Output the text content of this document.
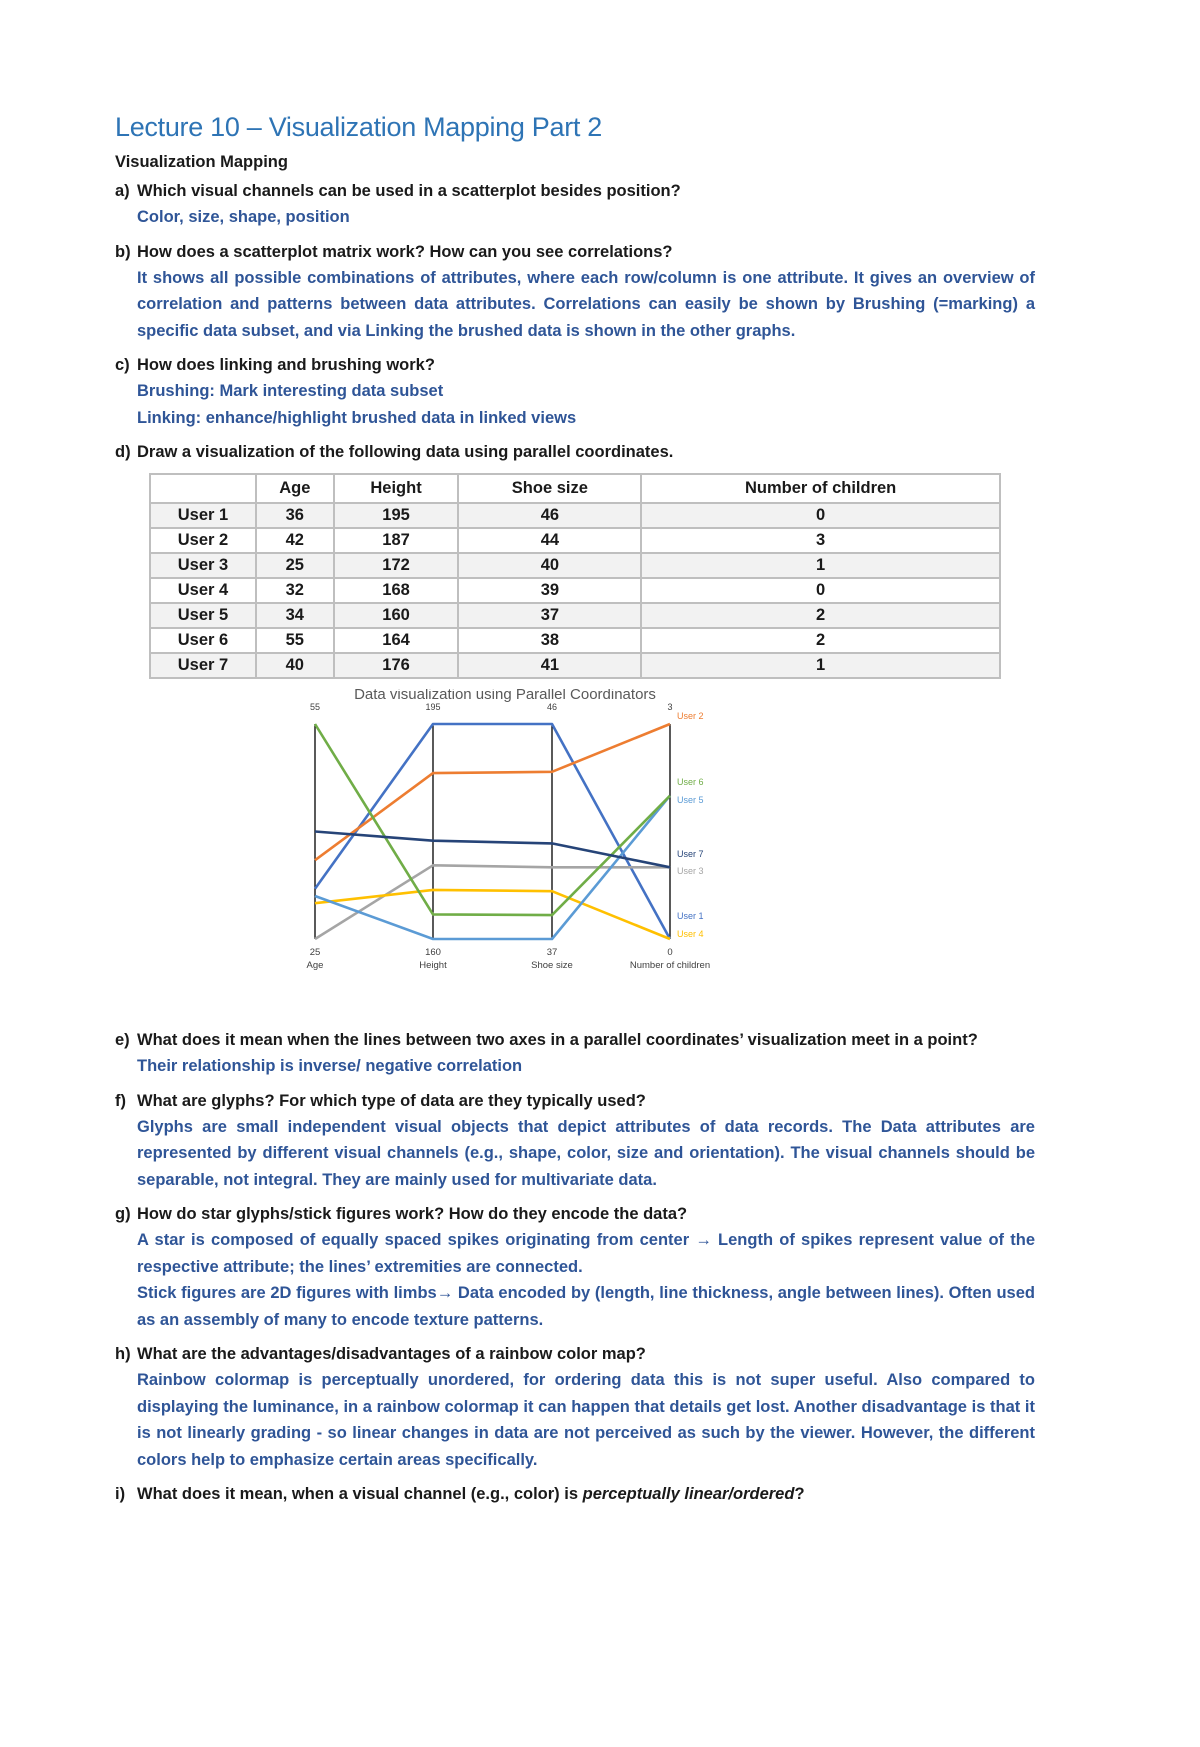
Lecture 10 – Visualization Mapping Part 2
Visualization Mapping
a) Which visual channels can be used in a scatterplot besides position?
Color, size, shape, position
b) How does a scatterplot matrix work? How can you see correlations?
It shows all possible combinations of attributes, where each row/column is one attribute. It gives an overview of correlation and patterns between data attributes. Correlations can easily be shown by Brushing (=marking) a specific data subset, and via Linking the brushed data is shown in the other graphs.
c) How does linking and brushing work?

Brushing: Mark interesting data subset

Linking: enhance/highlight brushed data in linked views

d) Draw a visualization of the following data using parallel coordinates.
	Age	Height	Shoe size	Number of children
User 1	36	195	46	0
User 2	42	187	44	3
User 3	25	172	40	1
User 4	32	168	39	0
User 5	34	160	37	2
User 6	55	164	38	2
User 7	40	176	41	1
Data visualization using Parallel Coordinators
55
25
Age
195
160
Height
46
37
Shoe size
3
0
Number of children
User 2
User 6
User 5
User 7
User 3
User 1
User 4
e) What does it mean when the lines between two axes in a parallel coordinates’ visualization meet in a point?
Their relationship is inverse/ negative correlation
f) What are glyphs? For which type of data are they typically used?
Glyphs are small independent visual objects that depict attributes of data records. The Data attributes are represented by different visual channels (e.g., shape, color, size and orientation). The visual channels should be separable, not integral. They are mainly used for multivariate data.
g) How do star glyphs/stick figures work? How do they encode the data?

A star is composed of equally spaced spikes originating from center → Length of spikes represent value of the respective attribute; the lines’ extremities are connected.

Stick figures are 2D figures with limbs→ Data encoded by (length, line thickness, angle between lines). Often used as an assembly of many to encode texture patterns.

h) What are the advantages/disadvantages of a rainbow color map?
Rainbow colormap is perceptually unordered, for ordering data this is not super useful. Also compared to displaying the luminance, in a rainbow colormap it can happen that details get lost. Another disadvantage is that it is not linearly grading - so linear changes in data are not perceived as such by the viewer. However, the different colors help to emphasize certain areas specifically.
i) What does it mean, when a visual channel (e.g., color) is perceptually linear/ordered?
